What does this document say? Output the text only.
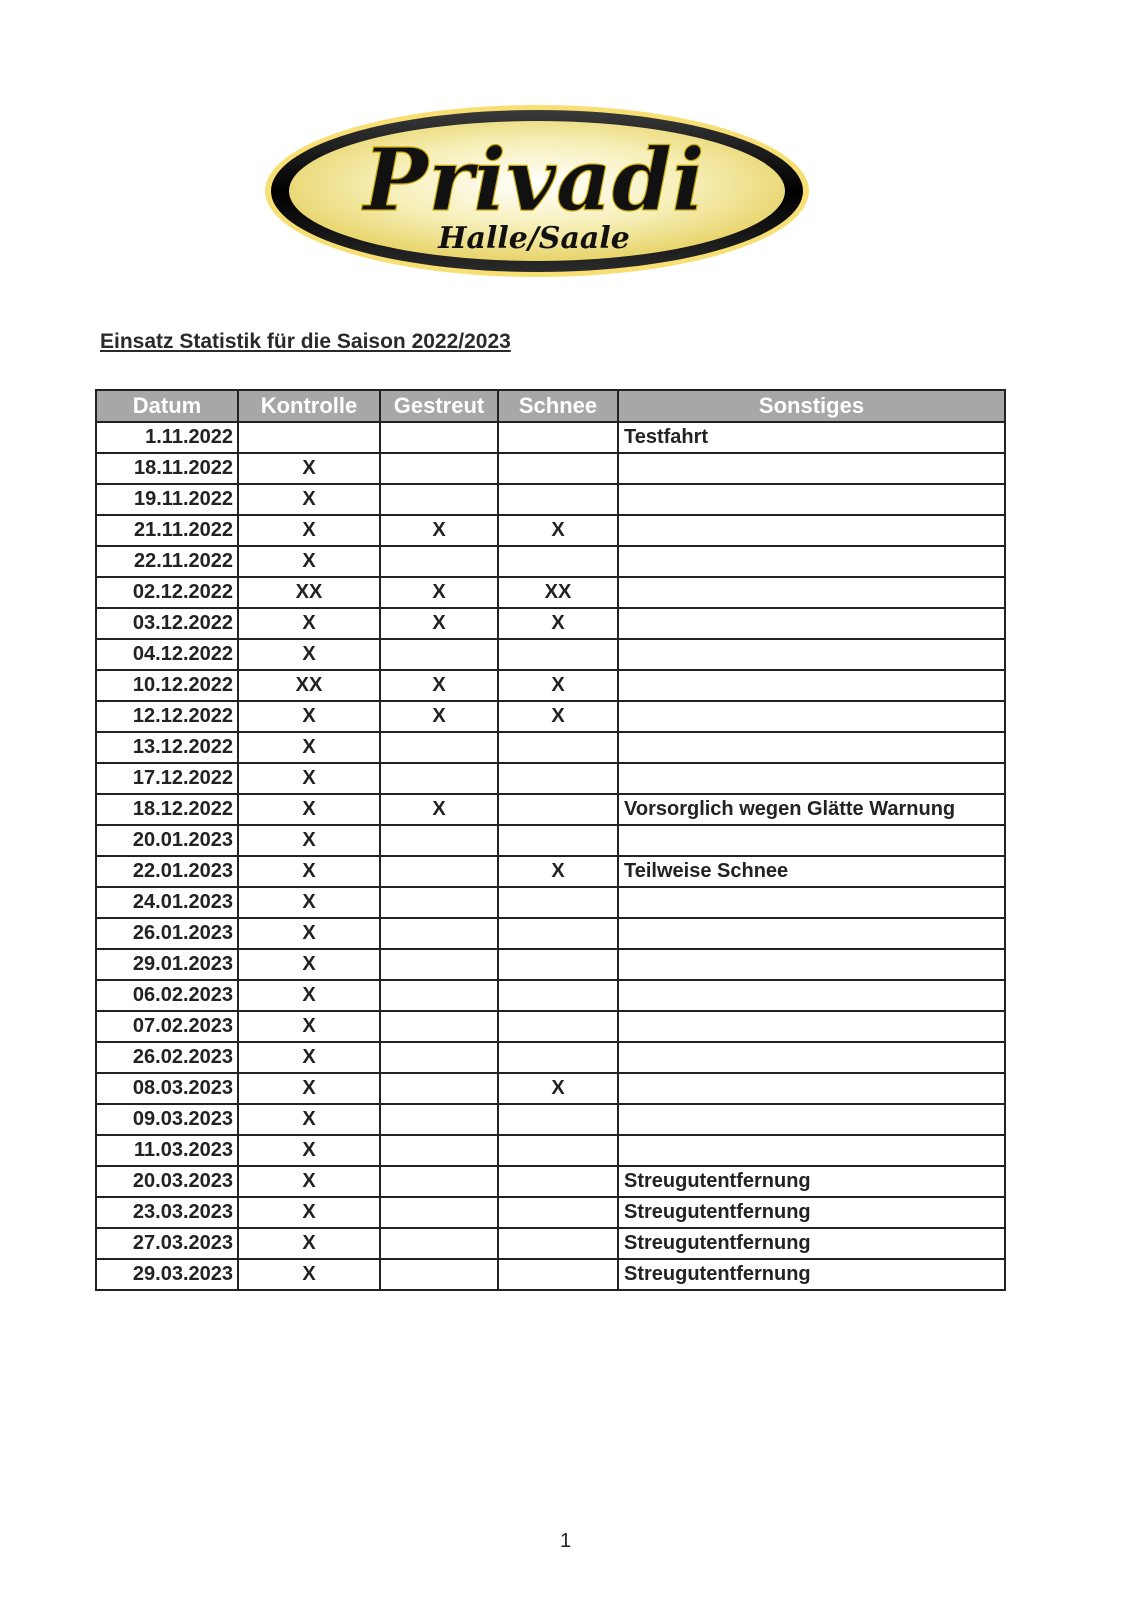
Privadi
Halle/Saale
Einsatz Statistik für die Saison 2022/2023
Datum	Kontrolle	Gestreut	Schnee	Sonstiges
1.11.2022				Testfahrt
18.11.2022	X			
19.11.2022	X			
21.11.2022	X	X	X	
22.11.2022	X			
02.12.2022	XX	X	XX	
03.12.2022	X	X	X	
04.12.2022	X			
10.12.2022	XX	X	X	
12.12.2022	X	X	X	
13.12.2022	X			
17.12.2022	X			
18.12.2022	X	X		Vorsorglich wegen Glätte Warnung
20.01.2023	X			
22.01.2023	X		X	Teilweise Schnee
24.01.2023	X			
26.01.2023	X			
29.01.2023	X			
06.02.2023	X			
07.02.2023	X			
26.02.2023	X			
08.03.2023	X		X	
09.03.2023	X			
11.03.2023	X			
20.03.2023	X			Streugutentfernung
23.03.2023	X			Streugutentfernung
27.03.2023	X			Streugutentfernung
29.03.2023	X			Streugutentfernung
1
